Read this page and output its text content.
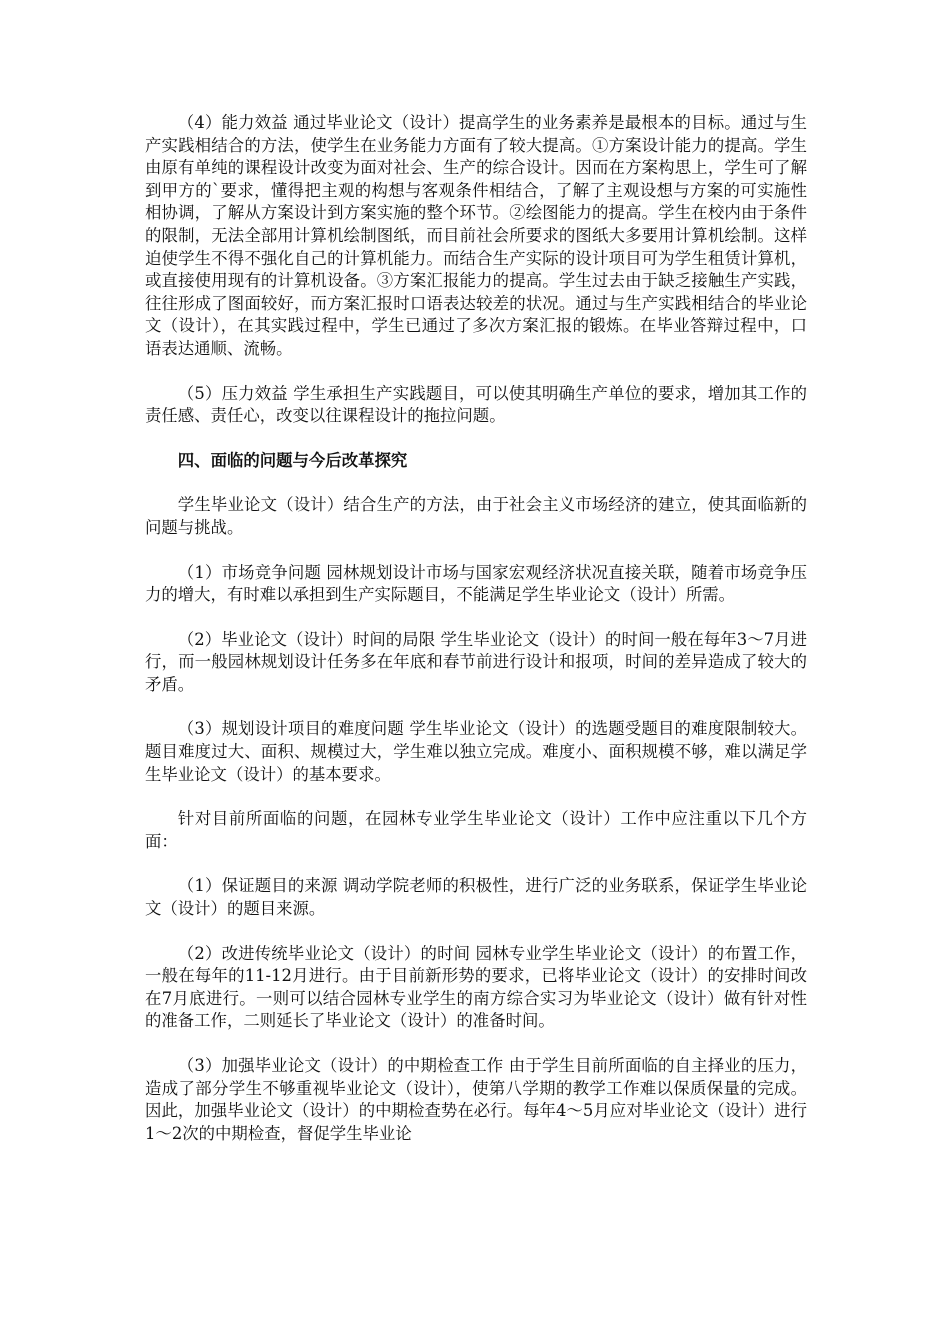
（4）能力效益 通过毕业论文（设计）提高学生的业务素养是最根本的目标。通过与生产实践相结合的方法，使学生在业务能力方面有了较大提高。①方案设计能力的提高。学生由原有单纯的课程设计改变为面对社会、生产的综合设计。因而在方案构思上，学生可了解到甲方的`要求，懂得把主观的构想与客观条件相结合，了解了主观设想与方案的可实施性相协调，了解从方案设计到方案实施的整个环节。②绘图能力的提高。学生在校内由于条件的限制，无法全部用计算机绘制图纸，而目前社会所要求的图纸大多要用计算机绘制。这样迫使学生不得不强化自己的计算机能力。而结合生产实际的设计项目可为学生租赁计算机，或直接使用现有的计算机设备。③方案汇报能力的提高。学生过去由于缺乏接触生产实践，往往形成了图面较好，而方案汇报时口语表达较差的状况。通过与生产实践相结合的毕业论文（设计），在其实践过程中，学生已通过了多次方案汇报的锻炼。在毕业答辩过程中，口语表达通顺、流畅。

（5）压力效益 学生承担生产实践题目，可以使其明确生产单位的要求，增加其工作的责任感、责任心，改变以往课程设计的拖拉问题。

四、面临的问题与今后改革探究

学生毕业论文（设计）结合生产的方法，由于社会主义市场经济的建立，使其面临新的问题与挑战。

（1）市场竞争问题 园林规划设计市场与国家宏观经济状况直接关联，随着市场竞争压力的增大，有时难以承担到生产实际题目，不能满足学生毕业论文（设计）所需。

（2）毕业论文（设计）时间的局限 学生毕业论文（设计）的时间一般在每年3～7月进行，而一般园林规划设计任务多在年底和春节前进行设计和报项，时间的差异造成了较大的矛盾。

（3）规划设计项目的难度问题 学生毕业论文（设计）的选题受题目的难度限制较大。题目难度过大、面积、规模过大，学生难以独立完成。难度小、面积规模不够，难以满足学生毕业论文（设计）的基本要求。

针对目前所面临的问题，在园林专业学生毕业论文（设计）工作中应注重以下几个方面：

（1）保证题目的来源 调动学院老师的积极性，进行广泛的业务联系，保证学生毕业论文（设计）的题目来源。

（2）改进传统毕业论文（设计）的时间 园林专业学生毕业论文（设计）的布置工作，一般在每年的11-12月进行。由于目前新形势的要求，已将毕业论文（设计）的安排时间改在7月底进行。一则可以结合园林专业学生的南方综合实习为毕业论文（设计）做有针对性的准备工作，二则延长了毕业论文（设计）的准备时间。

（3）加强毕业论文（设计）的中期检查工作 由于学生目前所面临的自主择业的压力，造成了部分学生不够重视毕业论文（设计），使第八学期的教学工作难以保质保量的完成。因此，加强毕业论文（设计）的中期检查势在必行。每年4～5月应对毕业论文（设计）进行1～2次的中期检查，督促学生毕业论
